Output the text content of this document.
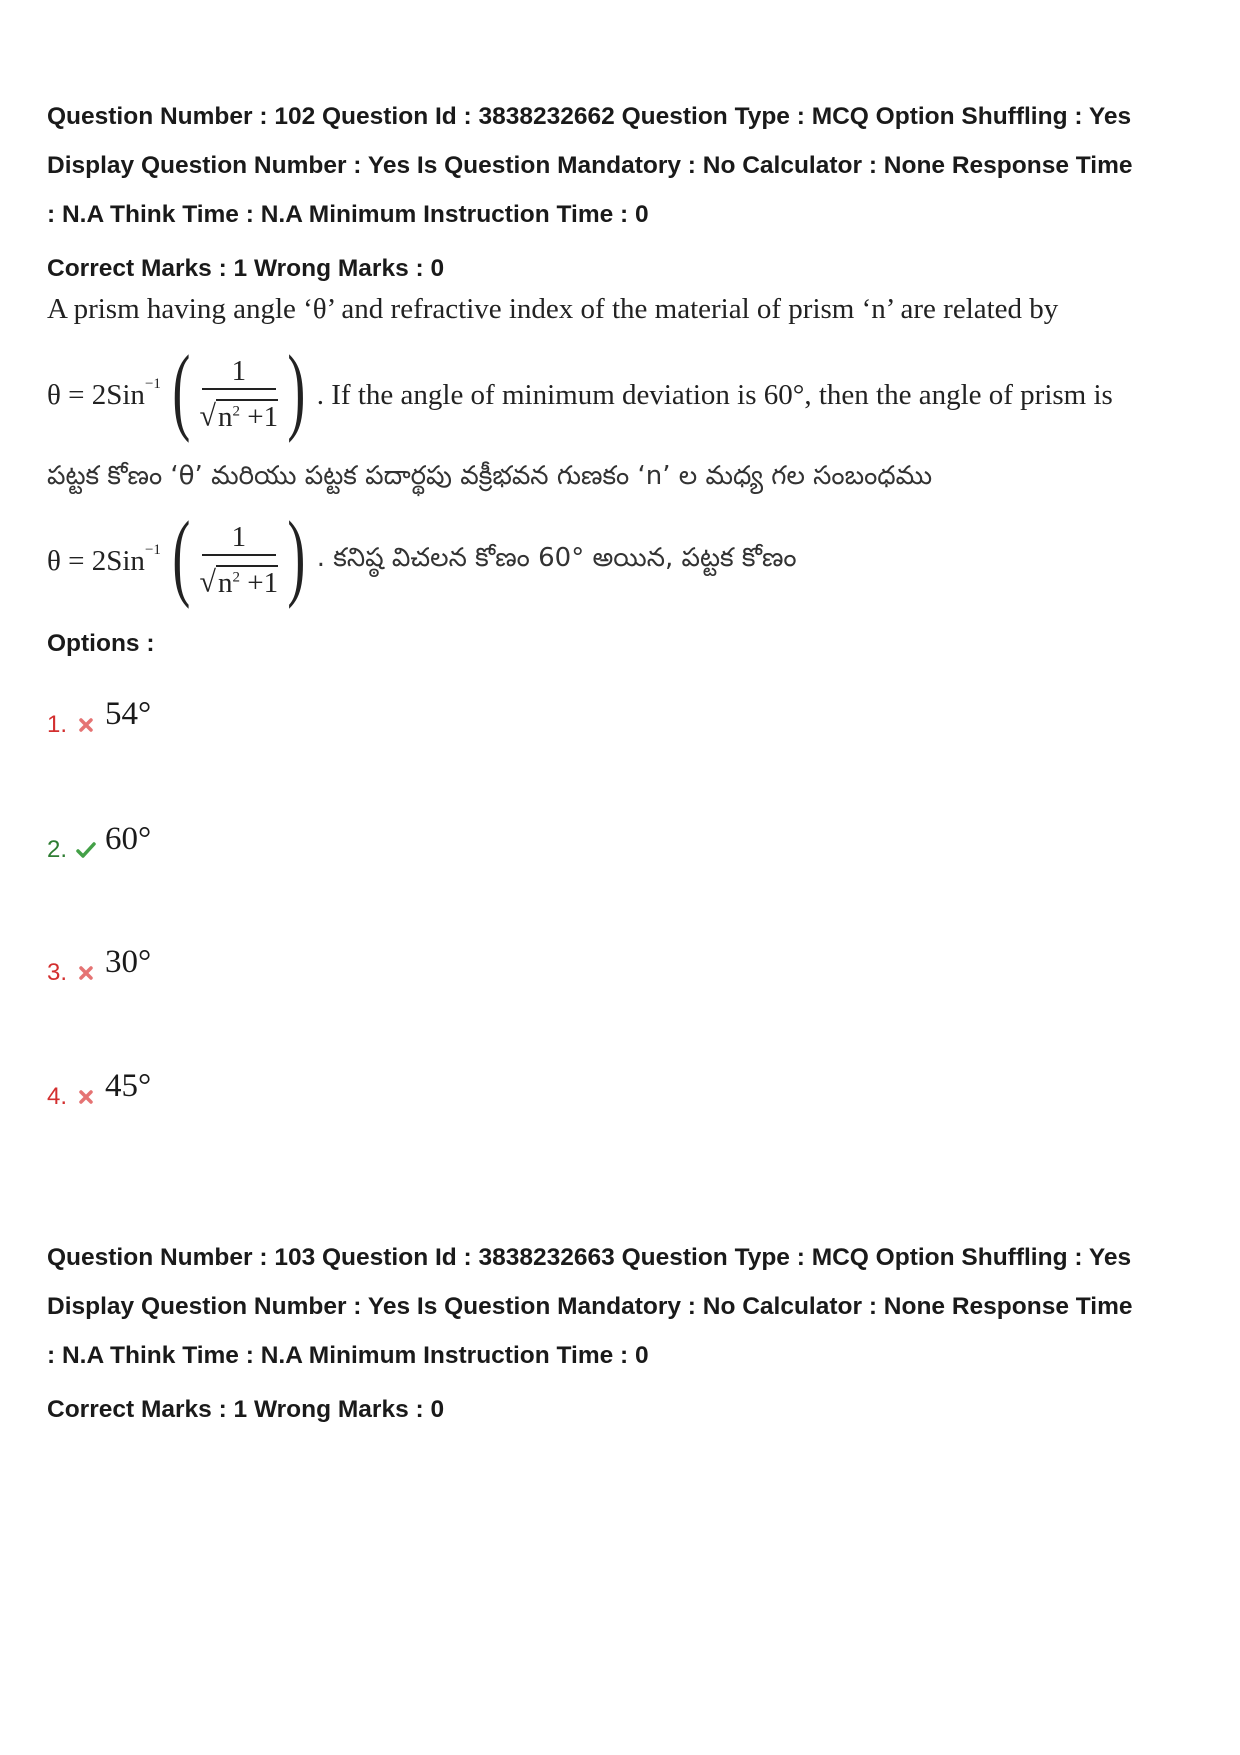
Question Number : 102 Question Id : 3838232662 Question Type : MCQ Option Shuffling : Yes
Display Question Number : Yes Is Question Mandatory : No Calculator : None Response Time
: N.A Think Time : N.A Minimum Instruction Time : 0
Correct Marks : 1 Wrong Marks : 0
A prism having angle ‘θ’ and refractive index of the material of prism ‘n’ are related by
θ = 2Sin$^{-1}$ ( $\frac{1}{√n^2 +1}$ ) . If the angle of minimum deviation is 60°, then the angle of prism is
పట్టక కోణం ‘θ’ మరియు పట్టక పదార్థపు వక్రీభవన గుణకం ‘n’ ల మధ్య గల సంబంధము
θ = 2Sin$^{-1}$ ( $\frac{1}{√n^2 +1}$ ) . కనిష్ఠ విచలన కోణం 60° అయిన, పట్టక కోణం
Options :
1. 54°
2. 60°
3. 30°
4. 45°
Question Number : 103 Question Id : 3838232663 Question Type : MCQ Option Shuffling : Yes
Display Question Number : Yes Is Question Mandatory : No Calculator : None Response Time
: N.A Think Time : N.A Minimum Instruction Time : 0
Correct Marks : 1 Wrong Marks : 0
